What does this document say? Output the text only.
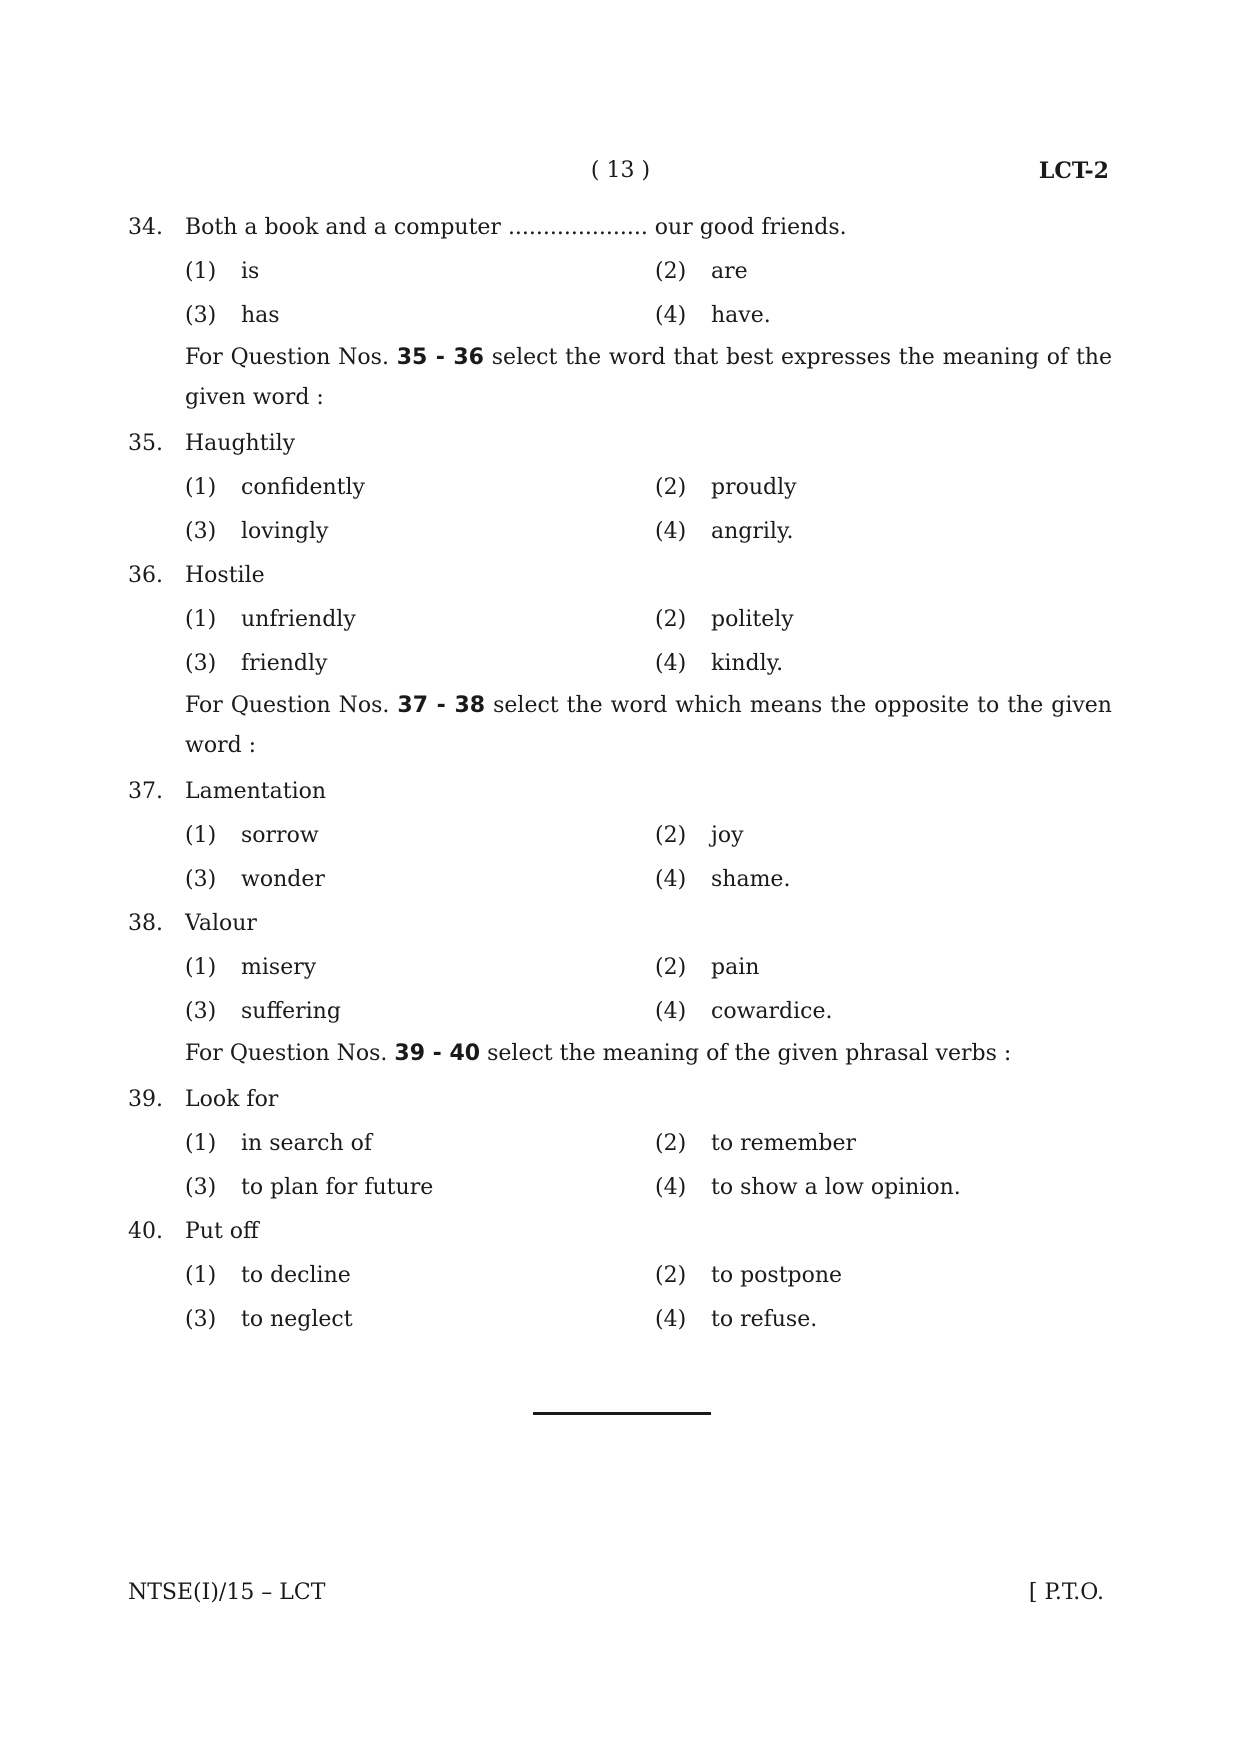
( 13 )	LCT-2
34. Both a book and a computer .................... our good friends.
(1) is	(2) are
(3) has	(4) have.
For Question Nos. 35 - 36 select the word that best expresses the meaning of the
given word :
35. Haughtily
(1) confidently	(2) proudly
(3) lovingly	(4) angrily.
36. Hostile
(1) unfriendly	(2) politely
(3) friendly	(4) kindly.
For Question Nos. 37 - 38 select the word which means the opposite to the given
word :
37. Lamentation
(1) sorrow	(2) joy
(3) wonder	(4) shame.
38. Valour
(1) misery	(2) pain
(3) suffering	(4) cowardice.
For Question Nos. 39 - 40 select the meaning of the given phrasal verbs :
39. Look for
(1) in search of	(2) to remember
(3) to plan for future	(4) to show a low opinion.
40. Put off
(1) to decline	(2) to postpone
(3) to neglect	(4) to refuse.
NTSE(I)/15 – LCT	[ P.T.O.
